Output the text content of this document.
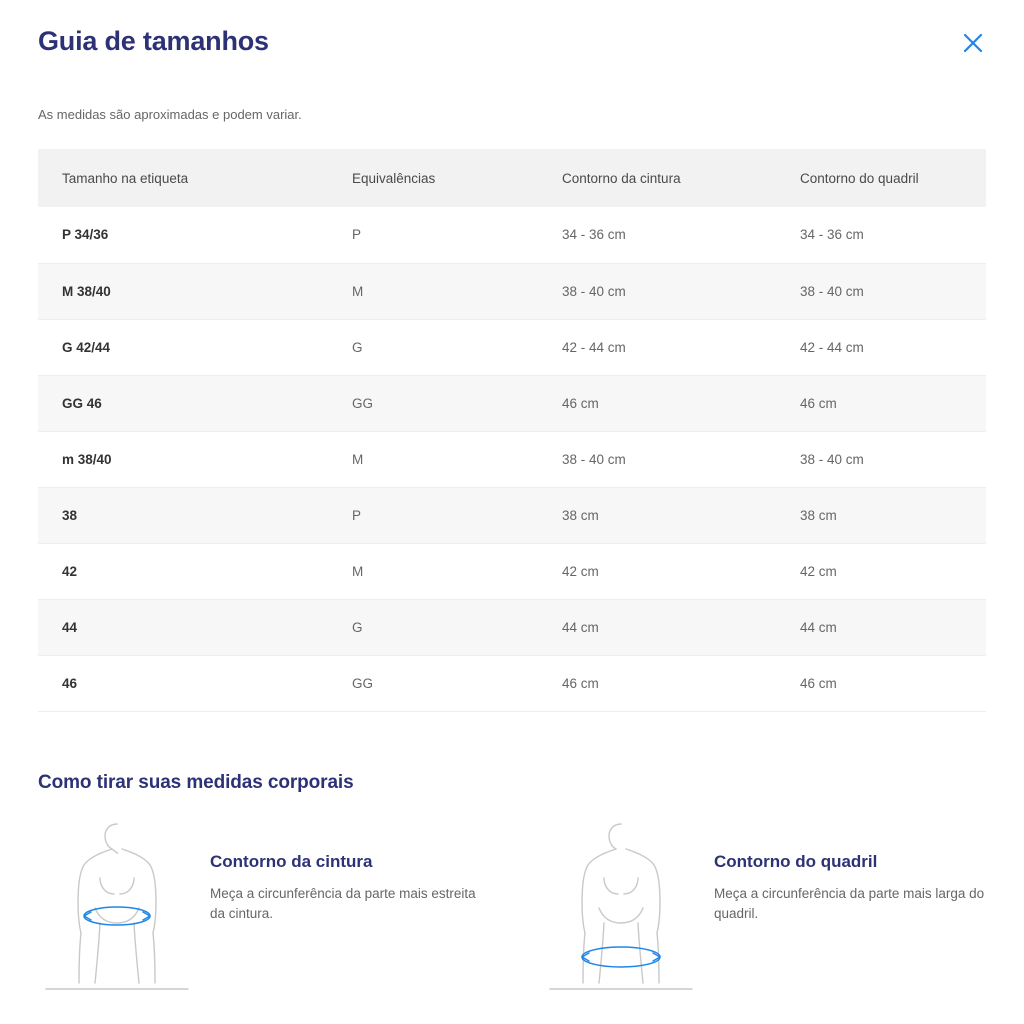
Guia de tamanhos

As medidas são aproximadas e podem variar.

Tamanho na etiqueta	Equivalências	Contorno da cintura	Contorno do quadril
P 34/36	P	34 - 36 cm	34 - 36 cm
M 38/40	M	38 - 40 cm	38 - 40 cm
G 42/44	G	42 - 44 cm	42 - 44 cm
GG 46	GG	46 cm	46 cm
m 38/40	M	38 - 40 cm	38 - 40 cm
38	P	38 cm	38 cm
42	M	42 cm	42 cm
44	G	44 cm	44 cm
46	GG	46 cm	46 cm
Como tirar suas medidas corporais
Contorno da cintura

Meça a circunferência da parte mais estreita da cintura.

Contorno do quadril

Meça a circunferência da parte mais larga do quadril.
